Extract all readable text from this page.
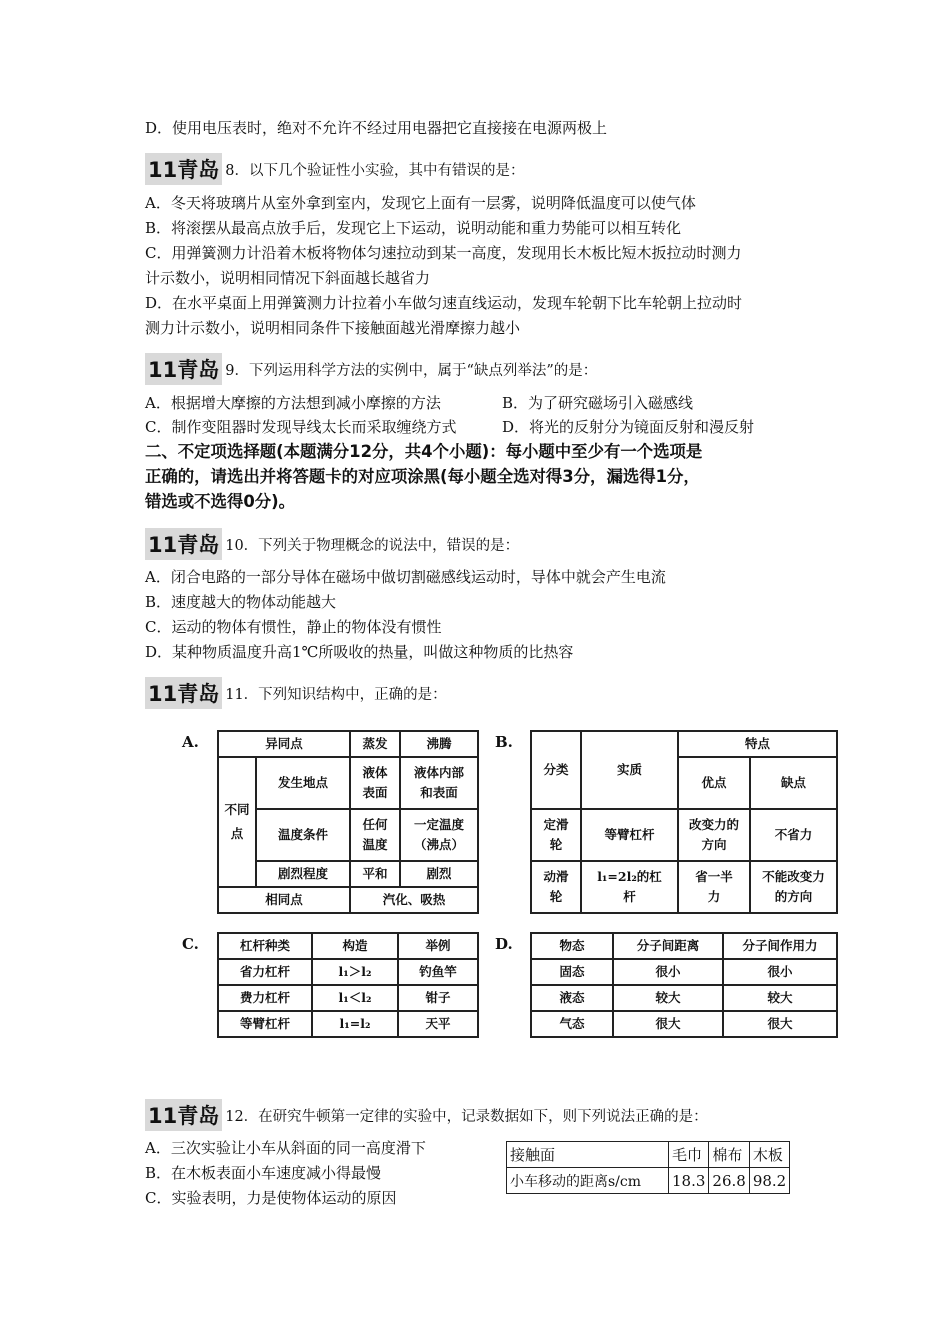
D．使用电压表时，绝对不允许不经过用电器把它直接接在电源两极上
11青岛 8．以下几个验证性小实验，其中有错误的是：
A．冬天将玻璃片从室外拿到室内，发现它上面有一层雾，说明降低温度可以使气体
B．将滚摆从最高点放手后，发现它上下运动，说明动能和重力势能可以相互转化
C．用弹簧测力计沿着木板将物体匀速拉动到某一高度，发现用长木板比短木扳拉动时测力
计示数小，说明相同情况下斜面越长越省力
D．在水平桌面上用弹簧测力计拉着小车做匀速直线运动，发现车轮朝下比车轮朝上拉动时
测力计示数小，说明相同条件下接触面越光滑摩擦力越小
11青岛 9．下列运用科学方法的实例中，属于“缺点列举法”的是：
A．根据增大摩擦的方法想到减小摩擦的方法	B．为了研究磁场引入磁感线
C．制作变阻器时发现导线太长而采取缠绕方式	D．将光的反射分为镜面反射和漫反射
二、不定项选择题(本题满分12分，共4个小题)：每小题中至少有一个选项是
正确的，请选出并将答题卡的对应项涂黑(每小题全选对得3分，漏选得1分，
错选或不选得0分)。
11青岛 10．下列关于物理概念的说法中，错误的是：
A．闭合电路的一部分导体在磁场中做切割磁感线运动时，导体中就会产生电流
B．速度越大的物体动能越大
C．运动的物体有惯性，静止的物体没有惯性
D．某种物质温度升高1℃所吸收的热量，叫做这种物质的比热容
11青岛 11．下列知识结构中，正确的是：
A.	异同点		蒸发	沸腾
不同点	发生地点	液体表面	液体内部和表面
	温度条件	任何温度	一定温度（沸点）
	剧烈程度	平和	剧烈
相同点		汽化、吸热	
B.
分类	实质	特点	
		优点	缺点
定滑轮	等臂杠杆	改变力的方向	不省力
动滑轮	l₁=2l₂的杠杆	省一半力	不能改变力的方向
C.	杠杆种类	构造	举例
省力杠杆	l₁＞l₂	钓鱼竿
费力杠杆	l₁＜l₂	钳子
等臂杠杆	l₁=l₂	天平
D.	物态	分子间距离	分子间作用力
固态	很小	很小
液态	较大	较大
气态	很大	很大
11青岛 12．在研究牛顿第一定律的实验中，记录数据如下，则下列说法正确的是：
A．三次实验让小车从斜面的同一高度滑下
B．在木板表面小车速度减小得最慢
C．实验表明，力是使物体运动的原因
接触面	毛巾	棉布	木板
小车移动的距离s/cm	18.3	26.8	98.2
